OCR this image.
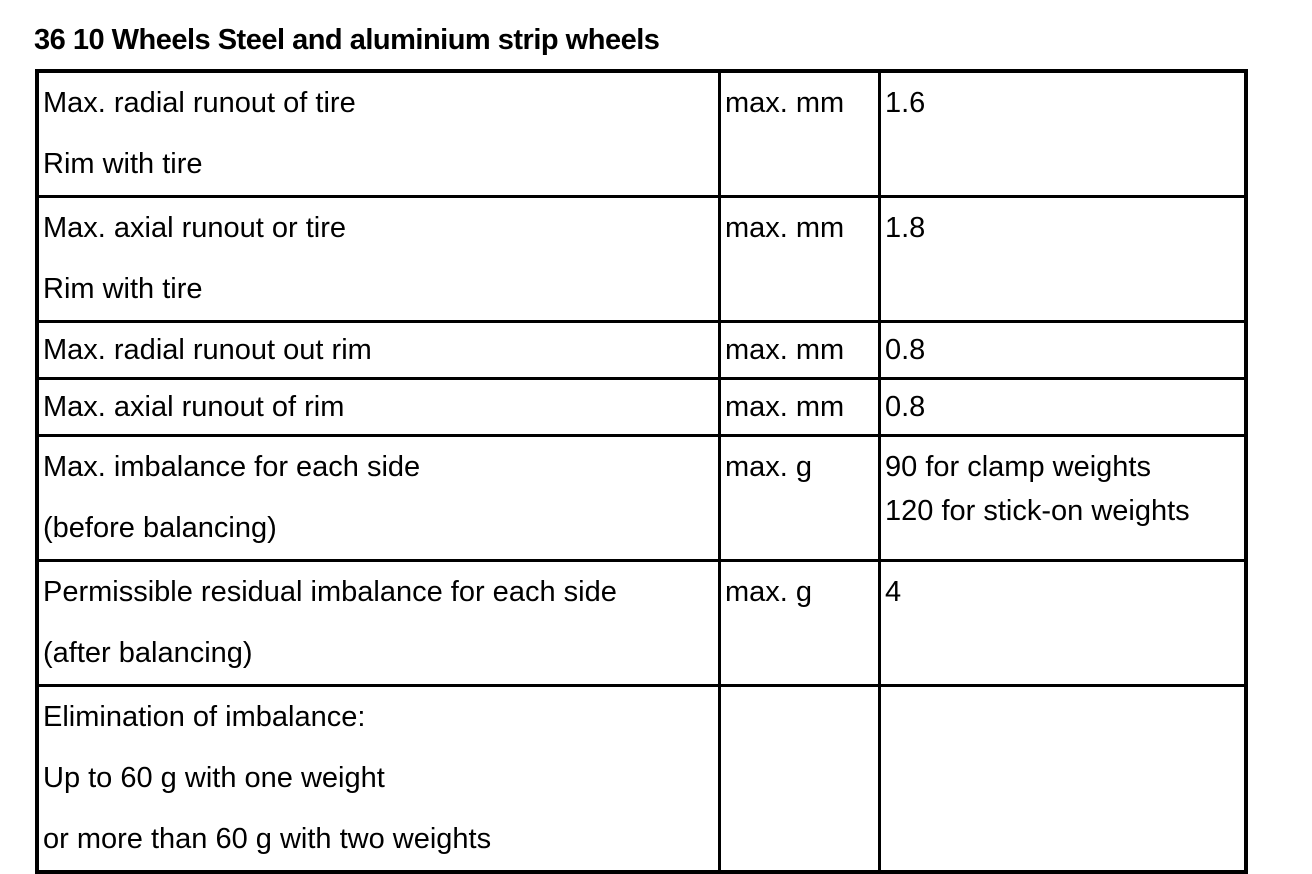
36 10 Wheels Steel and aluminium strip wheels
Max. radial runout of tire
Rim with tire	max. mm	1.6

Max. axial runout or tire
Rim with tire	max. mm	1.8

Max. radial runout out rim	max. mm	0.8

Max. axial runout of rim	max. mm	0.8

Max. imbalance for each side
(before balancing)	max. g	90 for clamp weights
120 for stick-on weights

Permissible residual imbalance for each side
(after balancing)	max. g	4

Elimination of imbalance:
Up to 60 g with one weight
or more than 60 g with two weights		
